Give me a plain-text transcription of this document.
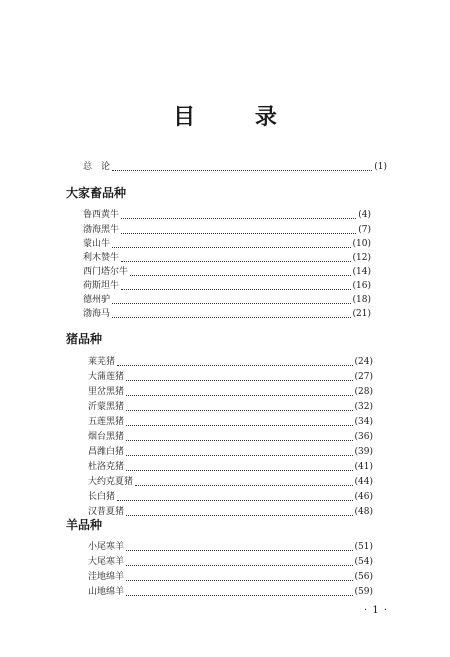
目 录
总　论	(1)
大家畜品种
鲁西黄牛	(4)
渤海黑牛	(7)
蒙山牛	(10)
利木赞牛	(12)
西门塔尔牛	(14)
荷斯坦牛	(16)
德州驴	(18)
渤海马	(21)
猪品种
莱芜猪	(24)
大蒲莲猪	(27)
里岔黑猪	(28)
沂蒙黑猪	(32)
五莲黑猪	(34)
烟台黑猪	(36)
昌潍白猪	(39)
杜洛克猪	(41)
大约克夏猪	(44)
长白猪	(46)
汉普夏猪	(48)
羊品种
小尾寒羊	(51)
大尾寒羊	(54)
洼地绵羊	(56)
山地绵羊	(59)
· 1 ·
